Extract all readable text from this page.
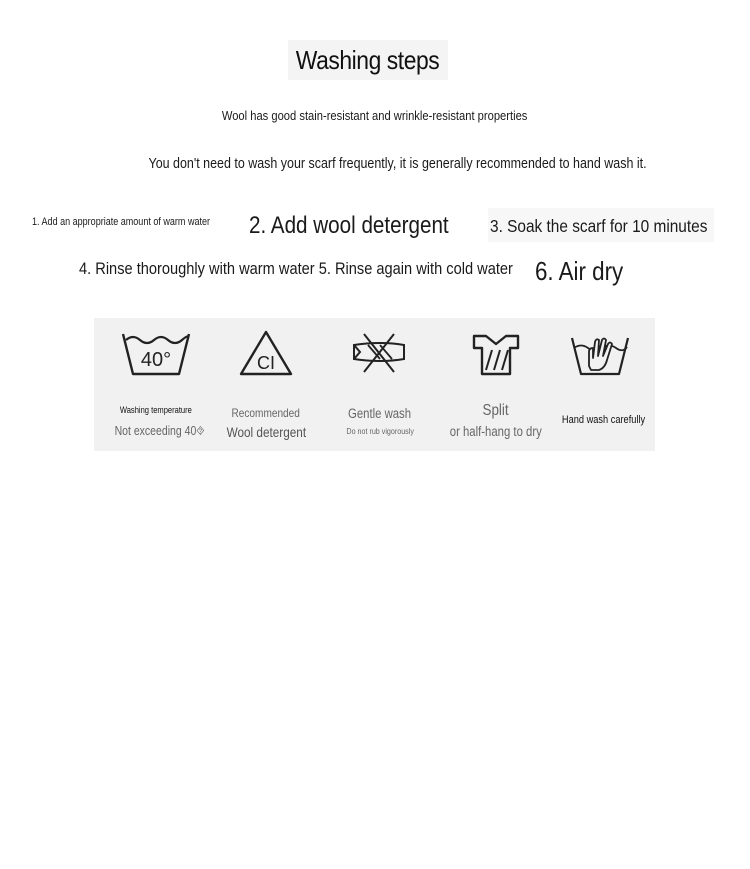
Washing steps
Wool has good stain-resistant and wrinkle-resistant properties
You don't need to wash your scarf frequently, it is generally recommended to hand wash it.
1. Add an appropriate amount of warm water 2. Add wool detergent 3. Soak the scarf for 10 minutes
4. Rinse thoroughly with warm water 5. Rinse again with cold water 6. Air dry
40°
Washing temperature
Not exceeding 40⯑
CI
Recommended
Wool detergent
Gentle wash
Do not rub vigorously
Split
or half-hang to dry
Hand wash carefully
